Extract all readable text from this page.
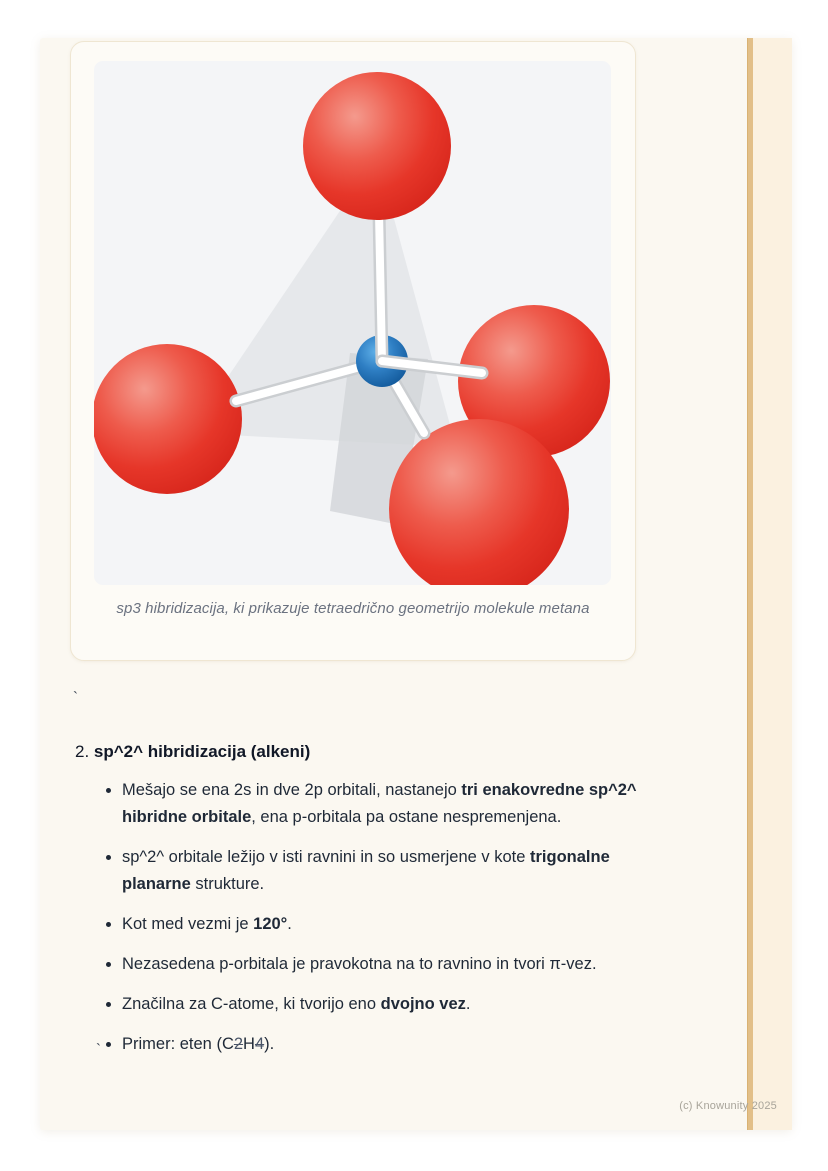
sp3 hibridizacija, ki prikazuje tetraedrično geometrijo molekule metana
`
2. sp^2^ hibridizacija (alkeni)
• Mešajo se ena 2s in dve 2p orbitali, nastanejo tri enakovredne sp^2^ hibridne orbitale, ena p-orbitala pa ostane nespremenjena.
• sp^2^ orbitale ležijo v isti ravnini in so usmerjene v kote trigonalne planarne strukture.
• Kot med vezmi je 120°.
• Nezasedena p-orbitala je pravokotna na to ravnino in tvori π-vez.
• Značilna za C-atome, ki tvorijo eno dvojno vez.
• Primer: eten (C2H4).
`
(c) Knowunity 2025
